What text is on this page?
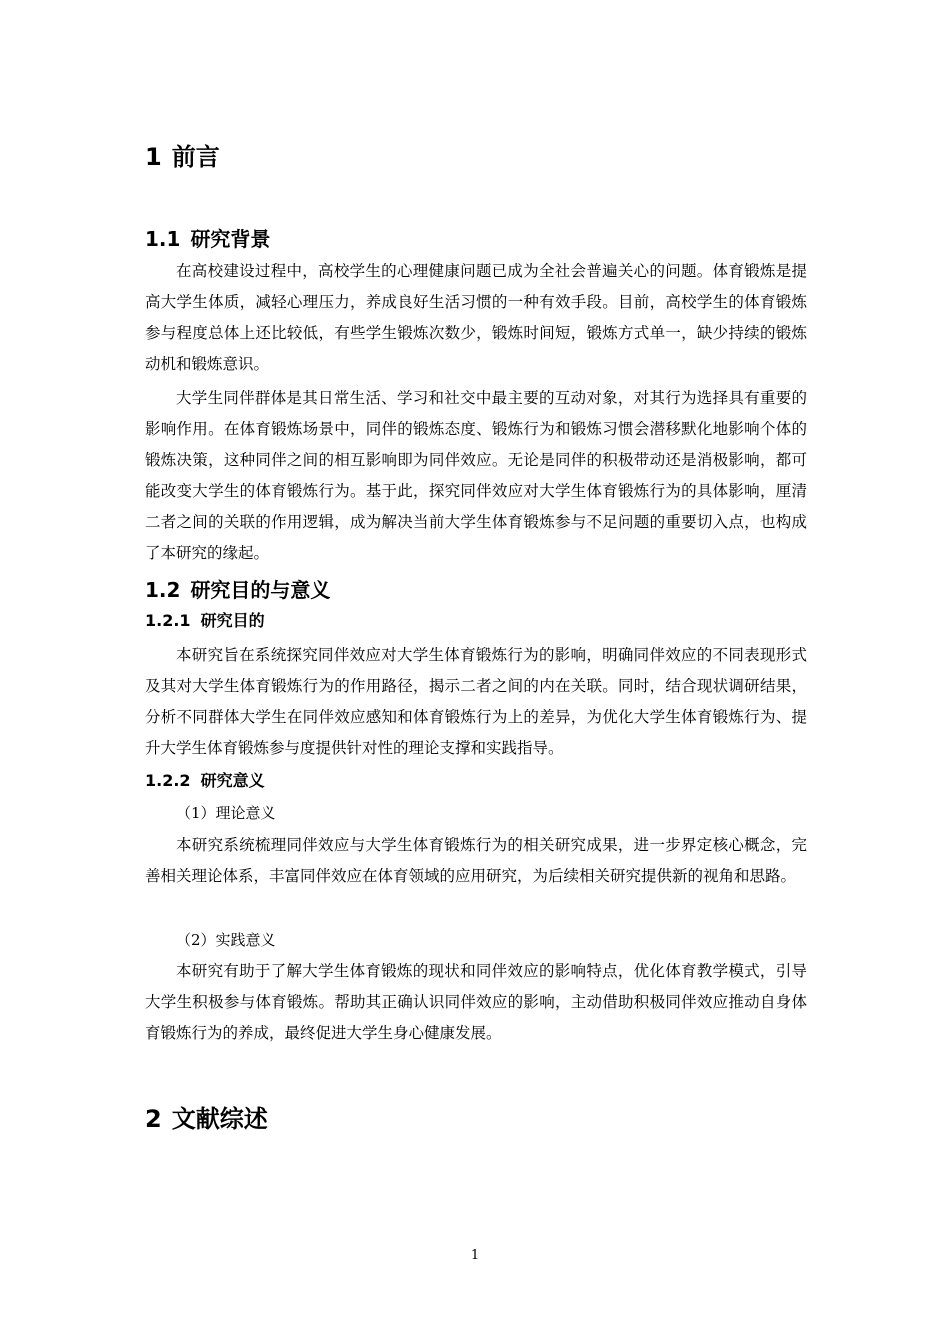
1 前言
1.1 研究背景

在高校建设过程中，高校学生的心理健康问题已成为全社会普遍关心的问题。体育锻炼是提高大学生体质，减轻心理压力，养成良好生活习惯的一种有效手段。目前，高校学生的体育锻炼参与程度总体上还比较低，有些学生锻炼次数少，锻炼时间短，锻炼方式单一，缺少持续的锻炼动机和锻炼意识。

大学生同伴群体是其日常生活、学习和社交中最主要的互动对象，对其行为选择具有重要的影响作用。在体育锻炼场景中，同伴的锻炼态度、锻炼行为和锻炼习惯会潜移默化地影响个体的锻炼决策，这种同伴之间的相互影响即为同伴效应。无论是同伴的积极带动还是消极影响，都可能改变大学生的体育锻炼行为。基于此，探究同伴效应对大学生体育锻炼行为的具体影响，厘清二者之间的关联的作用逻辑，成为解决当前大学生体育锻炼参与不足问题的重要切入点，也构成了本研究的缘起。

1.2 研究目的与意义
1.2.1 研究目的

本研究旨在系统探究同伴效应对大学生体育锻炼行为的影响，明确同伴效应的不同表现形式及其对大学生体育锻炼行为的作用路径，揭示二者之间的内在关联。同时，结合现状调研结果，分析不同群体大学生在同伴效应感知和体育锻炼行为上的差异，为优化大学生体育锻炼行为、提升大学生体育锻炼参与度提供针对性的理论支撑和实践指导。

1.2.2 研究意义
（1）理论意义

本研究系统梳理同伴效应与大学生体育锻炼行为的相关研究成果，进一步界定核心概念，完善相关理论体系，丰富同伴效应在体育领域的应用研究，为后续相关研究提供新的视角和思路。

（2）实践意义

本研究有助于了解大学生体育锻炼的现状和同伴效应的影响特点，优化体育教学模式，引导大学生积极参与体育锻炼。帮助其正确认识同伴效应的影响，主动借助积极同伴效应推动自身体育锻炼行为的养成，最终促进大学生身心健康发展。

2 文献综述
1
